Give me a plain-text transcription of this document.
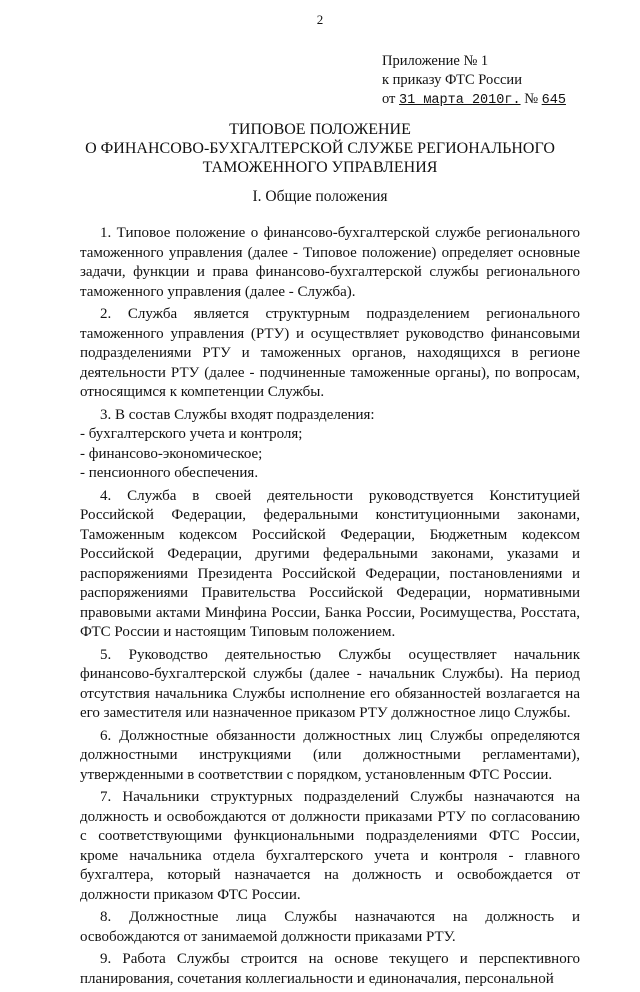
2
Приложение № 1
к приказу ФТС России
от 31 марта 2010г. № 645
ТИПОВОЕ ПОЛОЖЕНИЕ
О ФИНАНСОВО-БУХГАЛТЕРСКОЙ СЛУЖБЕ РЕГИОНАЛЬНОГО
ТАМОЖЕННОГО УПРАВЛЕНИЯ
I. Общие положения

1. Типовое положение о финансово-бухгалтерской службе регионального таможенного управления (далее - Типовое положение) определяет основные задачи, функции и права финансово-бухгалтерской службы регионального таможенного управления (далее - Служба).

2. Служба является структурным подразделением регионального таможенного управления (РТУ) и осуществляет руководство финансовыми подразделениями РТУ и таможенных органов, находящихся в регионе деятельности РТУ (далее - подчиненные таможенные органы), по вопросам, относящимся к компетенции Службы.

3. В состав Службы входят подразделения:

- бухгалтерского учета и контроля;

- финансово-экономическое;

- пенсионного обеспечения.

4. Служба в своей деятельности руководствуется Конституцией Российской Федерации, федеральными конституционными законами, Таможенным кодексом Российской Федерации, Бюджетным кодексом Российской Федерации, другими федеральными законами, указами и распоряжениями Президента Российской Федерации, постановлениями и распоряжениями Правительства Российской Федерации, нормативными правовыми актами Минфина России, Банка России, Росимущества, Росстата, ФТС России и настоящим Типовым положением.

5. Руководство деятельностью Службы осуществляет начальник финансово-бухгалтерской службы (далее - начальник Службы). На период отсутствия начальника Службы исполнение его обязанностей возлагается на его заместителя или назначенное приказом РТУ должностное лицо Службы.

6. Должностные обязанности должностных лиц Службы определяются должностными инструкциями (или должностными регламентами), утвержденными в соответствии с порядком, установленным ФТС России.

7. Начальники структурных подразделений Службы назначаются на должность и освобождаются от должности приказами РТУ по согласованию с соответствующими функциональными подразделениями ФТС России, кроме начальника отдела бухгалтерского учета и контроля - главного бухгалтера, который назначается на должность и освобождается от должности приказом ФТС России.

8. Должностные лица Службы назначаются на должность и освобождаются от занимаемой должности приказами РТУ.

9. Работа Службы строится на основе текущего и перспективного планирования, сочетания коллегиальности и единоначалия, персональной
